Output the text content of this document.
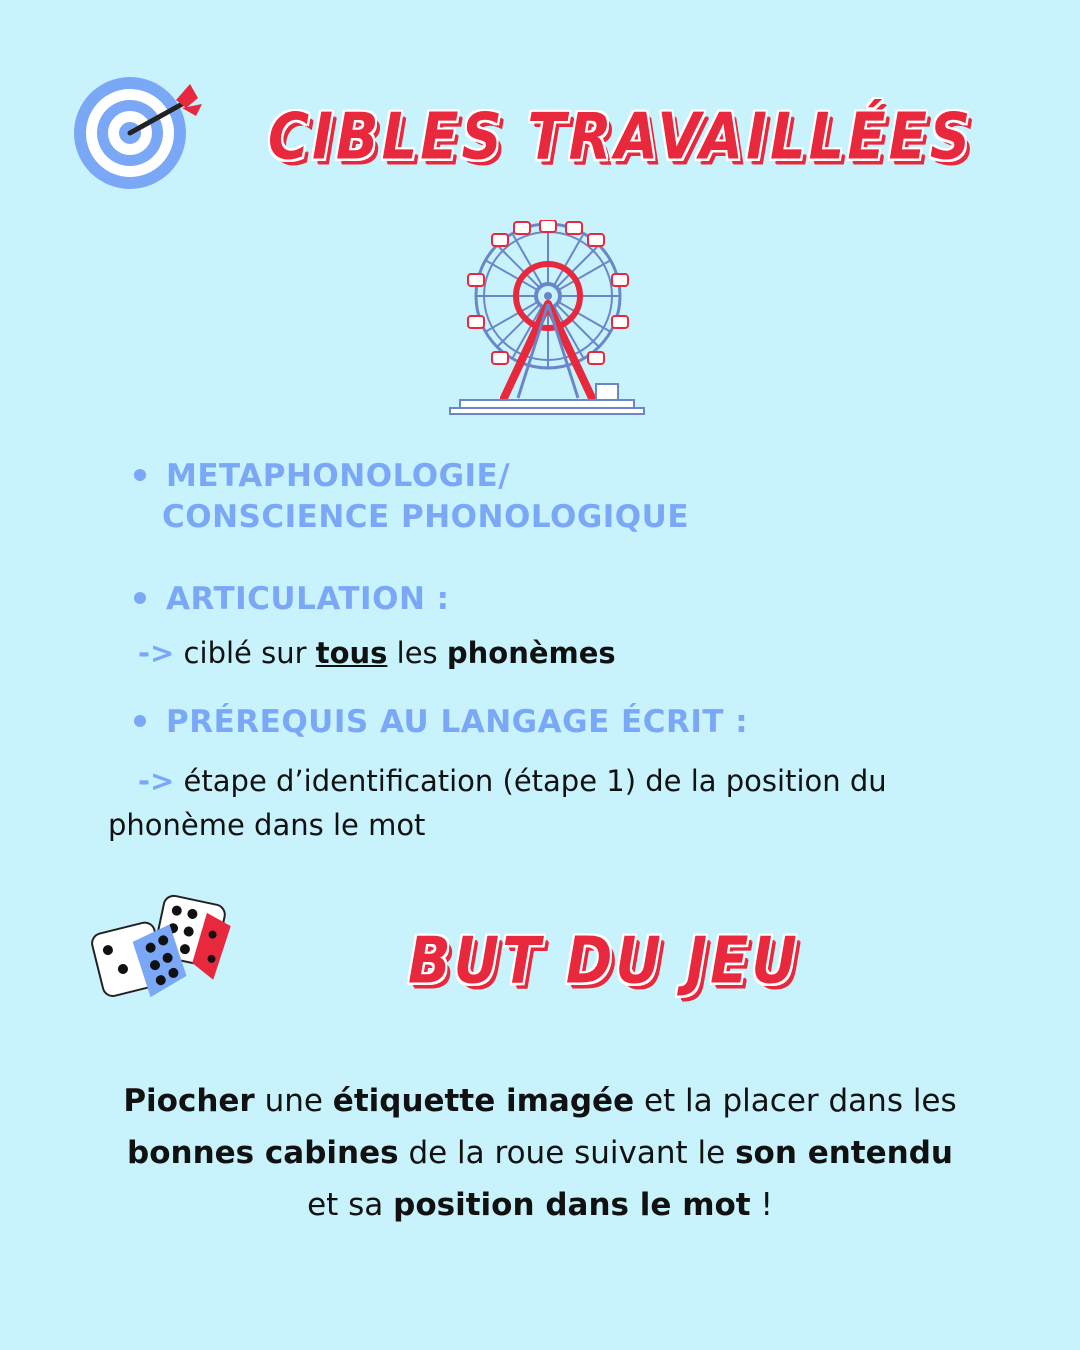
CIBLES TRAVAILLÉES
METAPHONOLOGIE/
CONSCIENCE PHONOLOGIQUE
ARTICULATION :
-> ciblé sur tous les phonèmes
PRÉREQUIS AU LANGAGE ÉCRIT :
-> étape d’identification (étape 1) de la position du
phonème dans le mot
BUT DU JEU
Piocher une étiquette imagée et la placer dans les
bonnes cabines de la roue suivant le son entendu
et sa position dans le mot !
